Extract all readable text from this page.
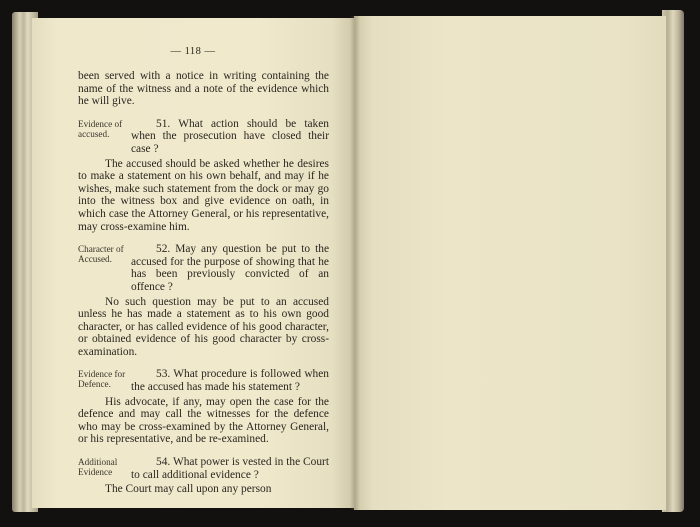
— 118 —

been served with a notice in writing containing the name of the witness and a note of the evidence which he will give.

Evidence of accused.

51. What action should be taken when the prosecution have closed their case ?

The accused should be asked whether he desires to make a statement on his own behalf, and may if he wishes, make such statement from the dock or may go into the witness box and give evidence on oath, in which case the Attorney General, or his representative, may cross-examine him.

Character of Accused.

52. May any question be put to the accused for the purpose of showing that he has been previously convicted of an offence ?

No such question may be put to an accused unless he has made a statement as to his own good character, or has called evidence of his good character, or obtained evidence of his good character by cross-examination.

Evidence for Defence.

53. What procedure is followed when the accused has made his statement ?

His advocate, if any, may open the case for the defence and may call the witnesses for the defence who may be cross-examined by the Attorney General, or his representative, and be re-examined.

Additional Evidence

54. What power is vested in the Court to call additional evidence ?

The Court may call upon any person
